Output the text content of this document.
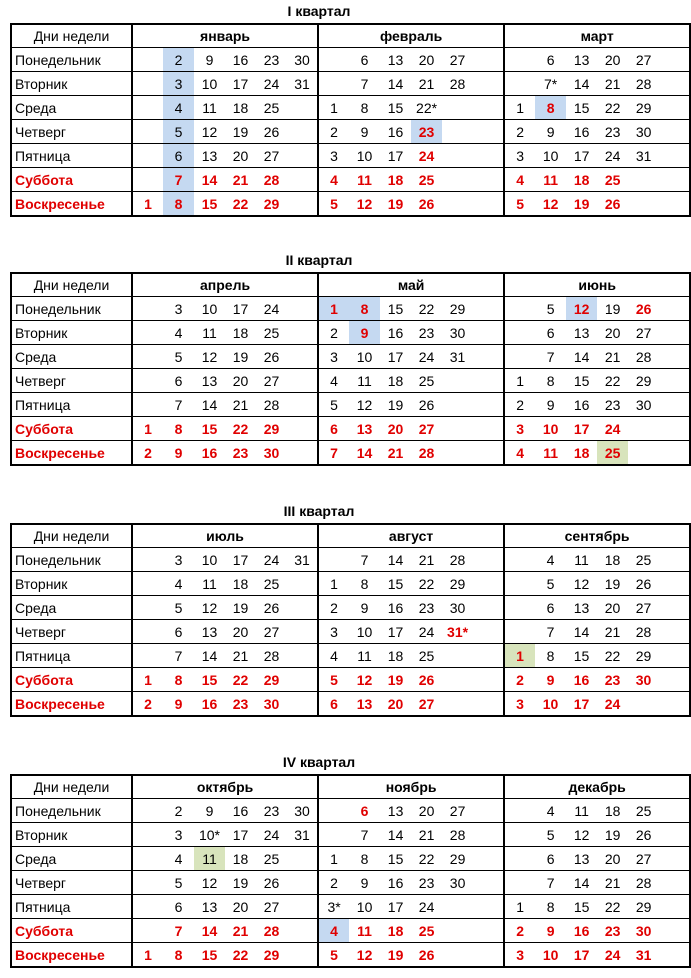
I квартал
Дни недели	январь						февраль						март					
Понедельник		2	9	16	23	30		6	13	20	27			6	13	20	27	
Вторник		3	10	17	24	31		7	14	21	28			7*	14	21	28	
Среда		4	11	18	25		1	8	15	22*			1	8	15	22	29	
Четверг		5	12	19	26		2	9	16	23			2	9	16	23	30	
Пятница		6	13	20	27		3	10	17	24			3	10	17	24	31	
Суббота		7	14	21	28		4	11	18	25			4	11	18	25		
Воскресенье	1	8	15	22	29		5	12	19	26			5	12	19	26		
II квартал
Дни недели	апрель						май						июнь					
Понедельник		3	10	17	24		1	8	15	22	29			5	12	19	26	
Вторник		4	11	18	25		2	9	16	23	30			6	13	20	27	
Среда		5	12	19	26		3	10	17	24	31			7	14	21	28	
Четверг		6	13	20	27		4	11	18	25			1	8	15	22	29	
Пятница		7	14	21	28		5	12	19	26			2	9	16	23	30	
Суббота	1	8	15	22	29		6	13	20	27			3	10	17	24		
Воскресенье	2	9	16	23	30		7	14	21	28			4	11	18	25		
III квартал
Дни недели	июль						август						сентябрь					
Понедельник		3	10	17	24	31		7	14	21	28			4	11	18	25	
Вторник		4	11	18	25		1	8	15	22	29			5	12	19	26	
Среда		5	12	19	26		2	9	16	23	30			6	13	20	27	
Четверг		6	13	20	27		3	10	17	24	31*			7	14	21	28	
Пятница		7	14	21	28		4	11	18	25			1	8	15	22	29	
Суббота	1	8	15	22	29		5	12	19	26			2	9	16	23	30	
Воскресенье	2	9	16	23	30		6	13	20	27			3	10	17	24		
IV квартал
Дни недели	октябрь						ноябрь						декабрь					
Понедельник		2	9	16	23	30		6	13	20	27			4	11	18	25	
Вторник		3	10*	17	24	31		7	14	21	28			5	12	19	26	
Среда		4	11	18	25		1	8	15	22	29			6	13	20	27	
Четверг		5	12	19	26		2	9	16	23	30			7	14	21	28	
Пятница		6	13	20	27		3*	10	17	24			1	8	15	22	29	
Суббота		7	14	21	28		4	11	18	25			2	9	16	23	30	
Воскресенье	1	8	15	22	29		5	12	19	26			3	10	17	24	31	
